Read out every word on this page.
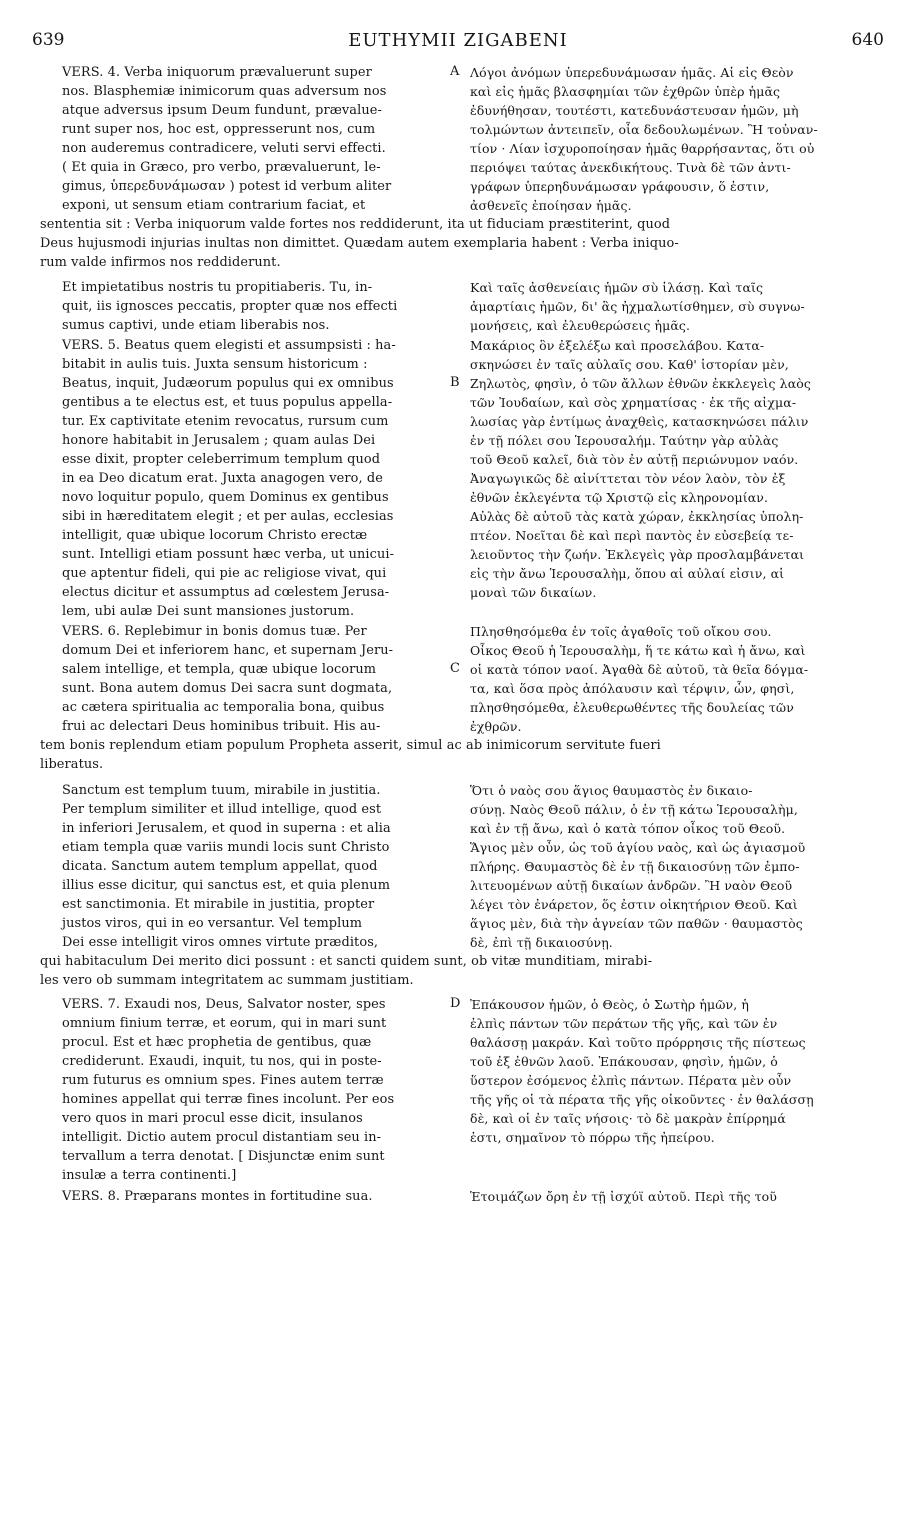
639	EUTHYMII ZIGABENI	640
VERS. 4. Verba iniquorum prævaluerunt super	A Λόγοι ἀνόμων ὑπερεδυνάμωσαν ἡμᾶς. Αἱ εἰς Θεὸν
nos. Blasphemiæ inimicorum quas adversum nos	καὶ εἰς ἡμᾶς βλασφημίαι τῶν ἐχθρῶν ὑπὲρ ἡμᾶς
atque adversus ipsum Deum fundunt, prævalue-	ἐδυνήθησαν, τουτέστι, κατεδυνάστευσαν ἡμῶν, μὴ
runt super nos, hoc est, oppresserunt nos, cum	τολμώντων ἀντειπεῖν, οἷα δεδουλωμένων. Ἢ τοὐναν-
non auderemus contradicere, veluti servi effecti.	τίον · Λίαν ἰσχυροποίησαν ἡμᾶς θαρρήσαντας, ὅτι οὐ
( Et quia in Græco, pro verbo, prævaluerunt, le-	περιόψει ταύτας ἀνεκδικήτους. Τινὰ δὲ τῶν ἀντι-
gimus, ὑπερεδυνάμωσαν ) potest id verbum aliter	γράφων ὑπερηδυνάμωσαν γράφουσιν, ὅ ἐστιν,
exponi, ut sensum etiam contrarium faciat, et	ἀσθενεῖς ἐποίησαν ἡμᾶς.
sententia sit : Verba iniquorum valde fortes nos reddiderunt, ita ut fiduciam præstiterint, quod
Deus hujusmodi injurias inultas non dimittet. Quædam autem exemplaria habent : Verba iniquo-
rum valde infirmos nos reddiderunt.
Et impietatibus nostris tu propitiaberis. Tu, in-	Καὶ ταῖς ἀσθενείαις ἡμῶν σὺ ἱλάσῃ. Καὶ ταῖς
quit, iis ignosces peccatis, propter quæ nos effecti	ἁμαρτίαις ἡμῶν, δι' ἃς ἠχμαλωτίσθημεν, σὺ συγνω-
sumus captivi, unde etiam liberabis nos.	μονήσεις, καὶ ἐλευθερώσεις ἡμᾶς.
VERS. 5. Beatus quem elegisti et assumpsisti : ha-	Μακάριος ὃν ἐξελέξω καὶ προσελάβου. Κατα-
bitabit in aulis tuis. Juxta sensum historicum :	σκηνώσει ἐν ταῖς αὐλαῖς σου. Καθ' ἱστορίαν μὲν,
Beatus, inquit, Judæorum populus qui ex omnibus	B Ζηλωτὸς, φησὶν, ὁ τῶν ἄλλων ἐθνῶν ἐκκλεγεὶς λαὸς
gentibus a te electus est, et tuus populus appella-	τῶν Ἰουδαίων, καὶ σὸς χρηματίσας · ἐκ τῆς αἰχμα-
tur. Ex captivitate etenim revocatus, rursum cum	λωσίας γὰρ ἐντίμως ἀναχθεὶς, κατασκηνώσει πάλιν
honore habitabit in Jerusalem ; quam aulas Dei	ἐν τῇ πόλει σου Ἱερουσαλήμ. Ταύτην γὰρ αὐλὰς
esse dixit, propter celeberrimum templum quod	τοῦ Θεοῦ καλεῖ, διὰ τὸν ἐν αὐτῇ περιώνυμον ναόν.
in ea Deo dicatum erat. Juxta anagogen vero, de	Ἀναγωγικῶς δὲ αἰνίττεται τὸν νέον λαὸν, τὸν ἐξ
novo loquitur populo, quem Dominus ex gentibus	ἐθνῶν ἐκλεγέντα τῷ Χριστῷ εἰς κληρονομίαν.
sibi in hæreditatem elegit ; et per aulas, ecclesias	Αὐλὰς δὲ αὐτοῦ τὰς κατὰ χώραν, ἐκκλησίας ὑπολη-
intelligit, quæ ubique locorum Christo erectæ	πτέον. Νοεῖται δὲ καὶ περὶ παντὸς ἐν εὐσεβείᾳ τε-
sunt. Intelligi etiam possunt hæc verba, ut unicui-	λειοῦντος τὴν ζωήν. Ἐκλεγεὶς γὰρ προσλαμβάνεται
que aptentur fideli, qui pie ac religiose vivat, qui	εἰς τὴν ἄνω Ἱερουσαλὴμ, ὅπου αἱ αὐλαί εἰσιν, αἱ
electus dicitur et assumptus ad cœlestem Jerusa-	μοναὶ τῶν δικαίων.
lem, ubi aulæ Dei sunt mansiones justorum.
VERS. 6. Replebimur in bonis domus tuæ. Per	Πλησθησόμεθα ἐν τοῖς ἀγαθοῖς τοῦ οἴκου σου.
domum Dei et inferiorem hanc, et supernam Jeru-	Οἶκος Θεοῦ ἡ Ἱερουσαλὴμ, ἥ τε κάτω καὶ ἡ ἄνω, καὶ
salem intellige, et templa, quæ ubique locorum	C οἱ κατὰ τόπον ναοί. Ἀγαθὰ δὲ αὐτοῦ, τὰ θεῖα δόγμα-
sunt. Bona autem domus Dei sacra sunt dogmata,	τα, καὶ ὅσα πρὸς ἀπόλαυσιν καὶ τέρψιν, ὧν, φησὶ,
ac cætera spiritualia ac temporalia bona, quibus	πλησθησόμεθα, ἐλευθερωθέντες τῆς δουλείας τῶν
frui ac delectari Deus hominibus tribuit. His au-	ἐχθρῶν.
tem bonis replendum etiam populum Propheta asserit, simul ac ab inimicorum servitute fueri
liberatus.
Sanctum est templum tuum, mirabile in justitia.	Ὅτι ὁ ναὸς σου ἅγιος θαυμαστὸς ἐν δικαιο-
Per templum similiter et illud intellige, quod est	σύνῃ. Ναὸς Θεοῦ πάλιν, ὁ ἐν τῇ κάτω Ἱερουσαλὴμ,
in inferiori Jerusalem, et quod in superna : et alia	καὶ ἐν τῇ ἄνω, καὶ ὁ κατὰ τόπον οἶκος τοῦ Θεοῦ.
etiam templa quæ variis mundi locis sunt Christo	Ἅγιος μὲν οὖν, ὡς τοῦ ἁγίου ναὸς, καὶ ὡς ἁγιασμοῦ
dicata. Sanctum autem templum appellat, quod	πλήρης. Θαυμαστὸς δὲ ἐν τῇ δικαιοσύνῃ τῶν ἐμπο-
illius esse dicitur, qui sanctus est, et quia plenum	λιτευομένων αὐτῇ δικαίων ἀνδρῶν. Ἢ ναὸν Θεοῦ
est sanctimonia. Et mirabile in justitia, propter	λέγει τὸν ἐνάρετον, ὅς ἐστιν οἰκητήριον Θεοῦ. Καὶ
justos viros, qui in eo versantur. Vel templum	ἅγιος μὲν, διὰ τὴν ἁγνείαν τῶν παθῶν · θαυμαστὸς
Dei esse intelligit viros omnes virtute præditos,	δὲ, ἐπὶ τῇ δικαιοσύνῃ.
qui habitaculum Dei merito dici possunt : et sancti quidem sunt, ob vitæ munditiam, mirabi-
les vero ob summam integritatem ac summam justitiam.
VERS. 7. Exaudi nos, Deus, Salvator noster, spes	D Ἐπάκουσον ἡμῶν, ὁ Θεὸς, ὁ Σωτὴρ ἡμῶν, ἡ
omnium finium terræ, et eorum, qui in mari sunt	ἐλπὶς πάντων τῶν περάτων τῆς γῆς, καὶ τῶν ἐν
procul. Est et hæc prophetia de gentibus, quæ	θαλάσσῃ μακράν. Καὶ τοῦτο πρόρρησις τῆς πίστεως
crediderunt. Exaudi, inquit, tu nos, qui in poste-	τοῦ ἐξ ἐθνῶν λαοῦ. Ἐπάκουσαν, φησὶν, ἡμῶν, ὁ
rum futurus es omnium spes. Fines autem terræ	ὕστερον ἐσόμενος ἐλπὶς πάντων. Πέρατα μὲν οὖν
homines appellat qui terræ fines incolunt. Per eos	τῆς γῆς οἱ τὰ πέρατα τῆς γῆς οἰκοῦντες · ἐν θαλάσσῃ
vero quos in mari procul esse dicit, insulanos	δὲ, καὶ οἱ ἐν ταῖς νήσοις· τὸ δὲ μακρὰν ἐπίρρημά
intelligit. Dictio autem procul distantiam seu in-	ἐστι, σημαῖνον τὸ πόρρω τῆς ἠπείρου.
tervallum a terra denotat. [ Disjunctæ enim sunt
insulæ a terra continenti.]
VERS. 8. Præparans montes in fortitudine sua.	Ἑτοιμάζων ὄρη ἐν τῇ ἰσχύϊ αὐτοῦ. Περὶ τῆς τοῦ
